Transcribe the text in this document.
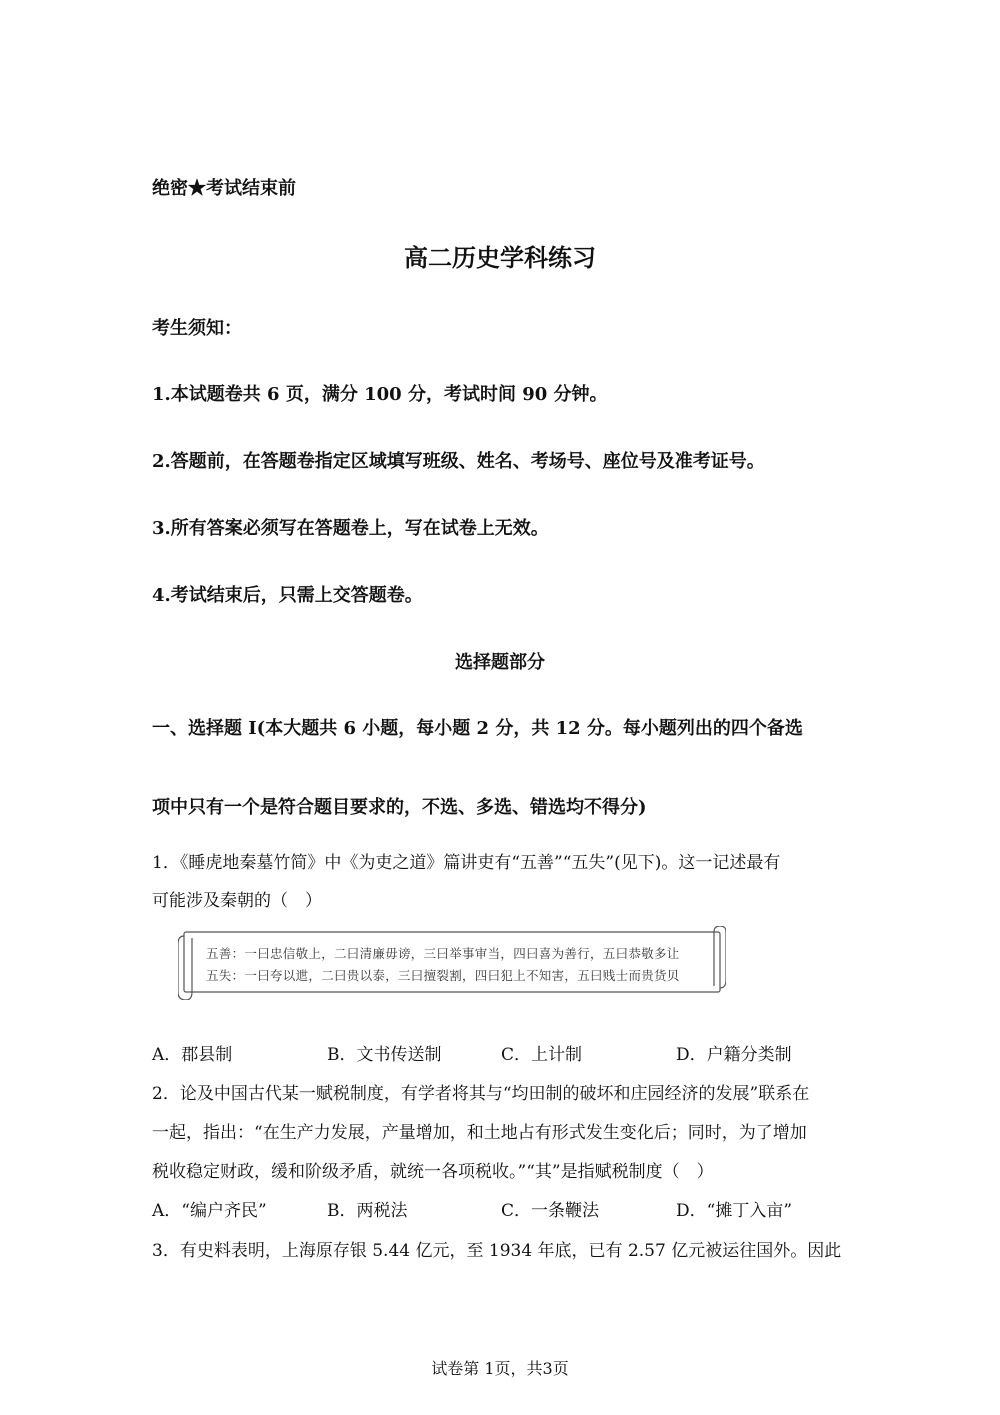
绝密★考试结束前
高二历史学科练习
考生须知：
1.本试题卷共 6 页，满分 100 分，考试时间 90 分钟。
2.答题前，在答题卷指定区域填写班级、姓名、考场号、座位号及准考证号。
3.所有答案必须写在答题卷上，写在试卷上无效。
4.考试结束后，只需上交答题卷。
选择题部分
一、选择题 I(本大题共 6 小题，每小题 2 分，共 12 分。每小题列出的四个备选
项中只有一个是符合题目要求的，不选、多选、错选均不得分)
1．《睡虎地秦墓竹简》中《为吏之道》篇讲吏有“五善”“五失”(见下)。这一记述最有
可能涉及秦朝的（　）
五善：一曰忠信敬上，二曰清廉毋谤，三曰举事审当，四曰喜为善行，五曰恭敬多让
五失：一曰夸以迣，二曰贵以泰，三曰擅裂割，四曰犯上不知害，五曰贱士而贵货贝
A．郡县制	B．文书传送制	C．上计制	D．户籍分类制
2．论及中国古代某一赋税制度，有学者将其与“均田制的破坏和庄园经济的发展”联系在
一起，指出：“在生产力发展，产量增加，和土地占有形式发生变化后；同时，为了增加
税收稳定财政，缓和阶级矛盾，就统一各项税收。”“其”是指赋税制度（　）
A．“编户齐民”	B．两税法	C．一条鞭法	D．“摊丁入亩”
3．有史料表明，上海原存银 5.44 亿元，至 1934 年底，已有 2.57 亿元被运往国外。因此
试卷第 1页，共3页
